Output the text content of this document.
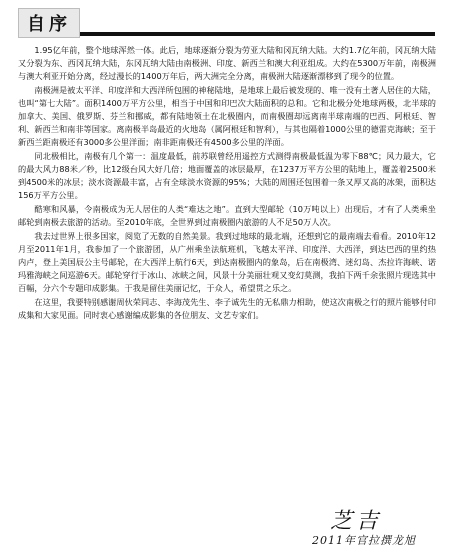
自序

1.95亿年前，整个地球浑然一体。此后，地球逐渐分裂为劳亚大陆和冈瓦纳大陆。大约1.7亿年前，冈瓦纳大陆又分裂为东、西冈瓦纳大陆，东冈瓦纳大陆由南极洲、印度、新西兰和澳大利亚组成。大约在5300万年前，南极洲与澳大利亚开始分离，经过漫长的1400万年后，两大洲完全分离，南极洲大陆逐渐漂移到了现今的位置。

南极洲是被太平洋、印度洋和大西洋所包围的神秘陆地，是地球上最后被发现的、唯一没有土著人居住的大陆，也叫“第七大陆”。面积1400万平方公里，相当于中国和印巴次大陆面积的总和。它和北极分处地球两极，北半球的加拿大、美国、俄罗斯、芬兰和挪威，都有陆地领土在北极圈内，而南极圈却远离南半球南端的巴西、阿根廷、智利、新西兰和南非等国家。离南极半岛最近的火地岛（属阿根廷和智利），与其也隔着1000公里的德雷克海峡；至于新西兰距南极还有3000多公里洋面；南非距南极还有4500多公里的洋面。

同北极相比，南极有几个第一：温度最低，前苏联曾经用遥控方式测得南极最低温为零下88℃；风力最大，它的最大风力88米／秒，比12级台风大好几倍；地面覆盖的冰层最厚，在1237万平方公里的陆地上，覆盖着2500米到4500米的冰层；淡水资源最丰富，占有全球淡水资源的95%；大陆的周围还包围着一条又厚又高的冰架，面积达156万平方公里。

酷寒和风暴，令南极成为无人居住的人类“难达之地”。直到大型邮轮（10万吨以上）出现后，才有了人类乘坐邮轮到南极去旅游的活动。至2010年底，全世界到过南极圈内旅游的人不足50万人次。

我去过世界上很多国家，阅览了无数的自然美景。我到过地球的最北端，还想到它的最南端去看看。2010年12月至2011年1月，我参加了一个旅游团，从广州乘坐法航班机，飞越太平洋、印度洋、大西洋，到达巴西的里约热内卢，登上美国辰公主号邮轮，在大西洋上航行6天，到达南极圈内的象岛，后在南极湾、迷幻岛、杰拉许海峡、诺玛雅海峡之间巡游6天。邮轮穿行于冰山、冰峡之间，风景十分美丽壮观又变幻莫测，我拍下两千余张照片现选其中百幅，分六个专题印成影集。于我是留住美丽记忆，于众人，希望贯之乐之。

在这里，我要特别感谢周伙荣同志、李海茂先生、李子诚先生的无私鼎力相助，使这次南极之行的照片能够付印成集和大家见面。同时衷心感谢编成影集的各位朋友、文艺专家们。

芝吉
2011年官拉撰龙旭
